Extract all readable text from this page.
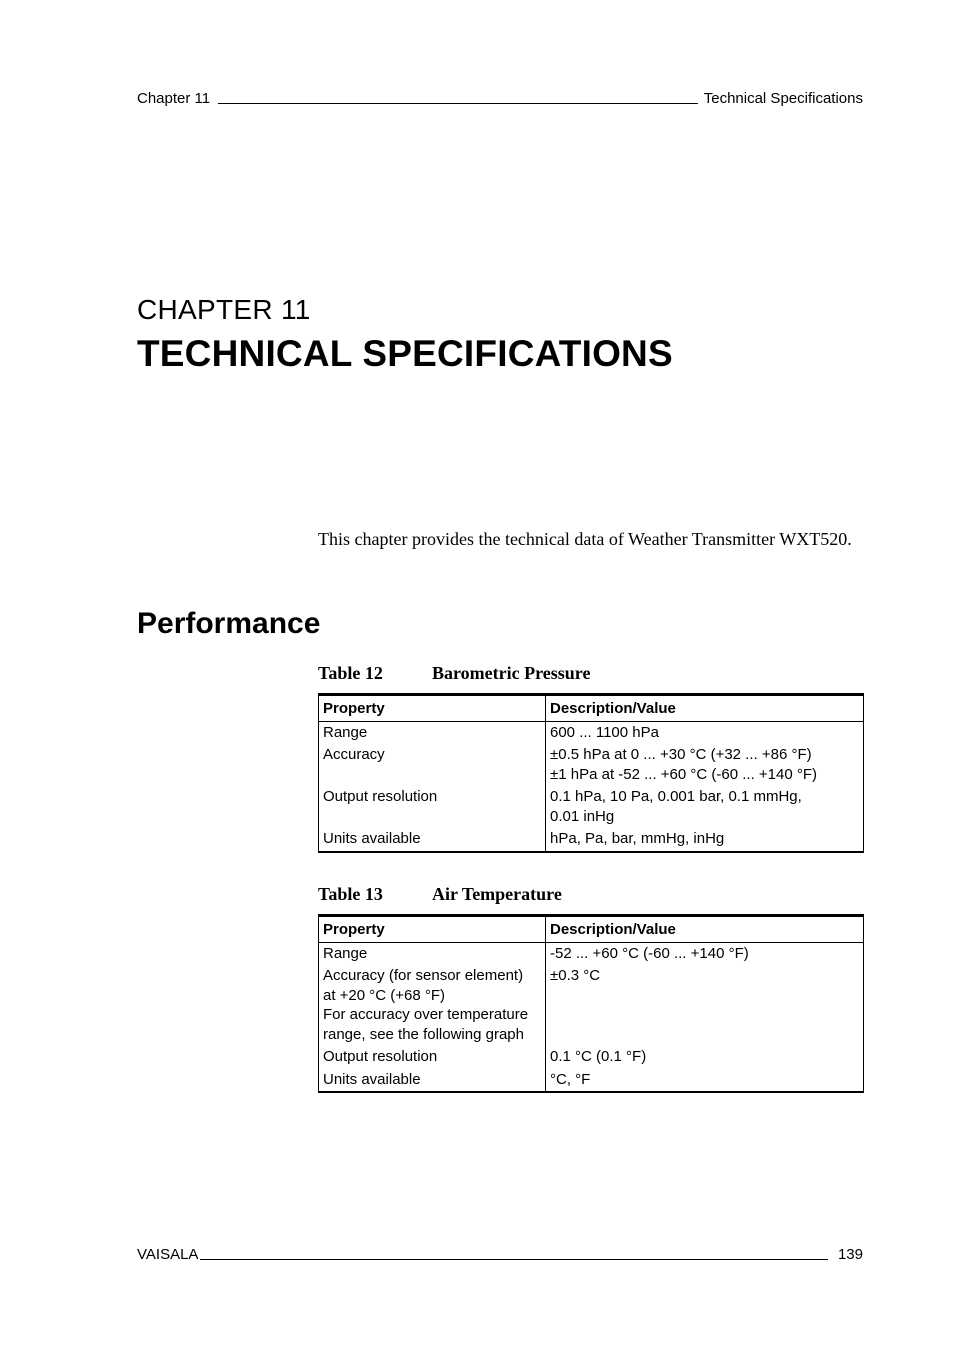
Chapter 11	Technical Specifications
CHAPTER 11
TECHNICAL SPECIFICATIONS
This chapter provides the technical data of Weather Transmitter WXT520.
Performance
Table 12	Barometric Pressure
Property	Description/Value

Range	600 ... 1100 hPa

Accuracy	±0.5 hPa at 0 ... +30 °C (+32 ... +86 °F)
±1 hPa at -52 ... +60 °C (-60 ... +140 °F)

Output resolution	0.1 hPa, 10 Pa, 0.001 bar, 0.1 mmHg,
0.01 inHg

Units available	hPa, Pa, bar, mmHg, inHg
Table 13	Air Temperature
Property	Description/Value

Range	-52 ... +60 °C (-60 ... +140 °F)

Accuracy (for sensor element)
at +20 °C (+68 °F)
For accuracy over temperature
range, see the following graph	±0.3 °C

Output resolution	0.1 °C (0.1 °F)

Units available	°C, °F
VAISALA	139
